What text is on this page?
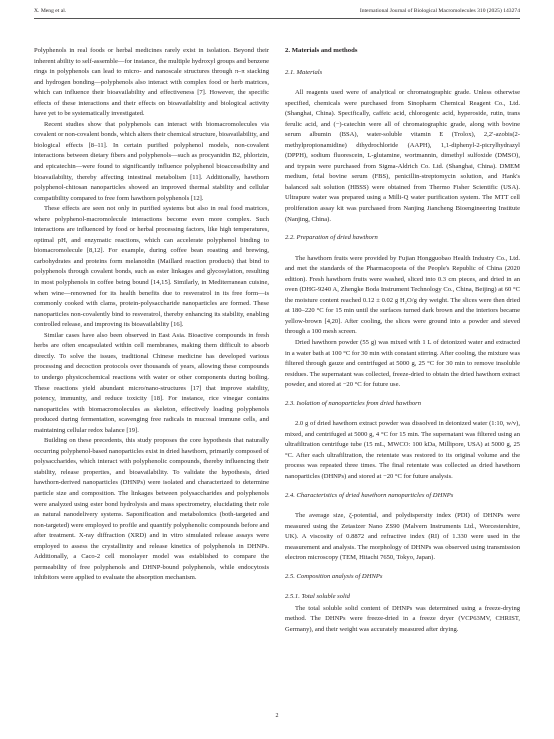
X. Meng et al.	International Journal of Biological Macromolecules 310 (2025) 143274

Polyphenols in real foods or herbal medicines rarely exist in isolation. Beyond their inherent ability to self-assemble—for instance, the multiple hydroxyl groups and benzene rings in polyphenols can lead to micro- and nanoscale structures through π–π stacking and hydrogen bonding—polyphenols also interact with complex food or herb matrices, which can influence their bioavailability and effectiveness [7]. However, the specific effects of these interactions and their effects on bioavailability and biological activity have yet to be systematically investigated.

Recent studies show that polyphenols can interact with biomacromolecules via covalent or non-covalent bonds, which alters their chemical structure, bioavailability, and biological effects [8–11]. In certain purified polyphenol models, non-covalent interactions between dietary fibers and polyphenols—such as procyanidin B2, phlorizin, and epicatechin—were found to significantly influence polyphenol bioaccessibility and bioavailability, thereby affecting intestinal metabolism [11]. Additionally, hawthorn polyphenol-chitosan nanoparticles showed an improved thermal stability and cellular compatibility compared to free form hawthorn polyphenols [12].

These effects are seen not only in purified systems but also in real food matrices, where polyphenol-macromolecule interactions become even more complex. Such interactions are influenced by food or herbal processing factors, like high temperatures, optimal pH, and enzymatic reactions, which can accelerate polyphenol binding to biomacromolecule [8,12]. For example, during coffee bean roasting and brewing, carbohydrates and proteins form melanoidin (Maillard reaction products) that bind to polyphenols through covalent bonds, such as ester linkages and glycosylation, resulting in most polyphenols in coffee being bound [14,15]. Similarly, in Mediterranean cuisine, when wine—renowned for its health benefits due to resveratrol in its free form—is commonly cooked with clams, protein-polysaccharide nanoparticles are formed. These nanoparticles non-covalently bind to resveratrol, thereby enhancing its stability, enabling controlled release, and improving its bioavailability [16].

Similar cases have also been observed in East Asia. Bioactive compounds in fresh herbs are often encapsulated within cell membranes, making them difficult to absorb directly. To solve the issues, traditional Chinese medicine has developed various processing and decoction protocols over thousands of years, allowing these compounds to undergo physicochemical reactions with water or other components during boiling. These reactions yield abundant micro/nano-structures [17] that improve stability, potency, immunity, and reduce toxicity [18]. For instance, rice vinegar contains nanoparticles with biomacromolecules as skeleton, effectively loading polyphenols produced during fermentation, scavenging free radicals in mucosal immune cells, and maintaining cellular redox balance [19].

Building on these precedents, this study proposes the core hypothesis that naturally occurring polyphenol-based nanoparticles exist in dried hawthorn, primarily composed of polysaccharides, which interact with polyphenolic compounds, thereby influencing their stability, release properties, and bioavailability. To validate the hypothesis, dried hawthorn-derived nanoparticles (DHNPs) were isolated and characterized to determine particle size and composition. The linkages between polysaccharides and polyphenols were analyzed using ester bond hydrolysis and mass spectrometry, elucidating their role as natural nanodelivery systems. Saponification and metabolomics (both-targeted and non-targeted) were employed to profile and quantify polyphenolic compounds before and after treatment. X-ray diffraction (XRD) and in vitro simulated release assays were employed to assess the crystallinity and release kinetics of polyphenols in DHNPs. Additionally, a Caco-2 cell monolayer model was established to compare the permeability of free polyphenols and DHNP-bound polyphenols, while endocytosis inhibitors were applied to evaluate the absorption mechanism.

2. Materials and methods
2.1. Materials

All reagents used were of analytical or chromatographic grade. Unless otherwise specified, chemicals were purchased from Sinopharm Chemical Reagent Co., Ltd. (Shanghai, China). Specifically, caffeic acid, chlorogenic acid, hyperoside, rutin, trans ferulic acid, and (−)-catechin were all of chromatographic grade, along with bovine serum albumin (BSA), water-soluble vitamin E (Trolox), 2,2′-azobis(2-methylpropionamidine) dihydrochloride (AAPH), 1,1-diphenyl-2-picrylhydrazyl (DPPH), sodium fluorescein, L-glutamine, wortmannin, dimethyl sulfoxide (DMSO), and trypsin were purchased from Sigma-Aldrich Co. Ltd. (Shanghai, China). DMEM medium, fetal bovine serum (FBS), penicillin-streptomycin solution, and Hank's balanced salt solution (HBSS) were obtained from Thermo Fisher Scientific (USA). Ultrapure water was prepared using a Milli-Q water purification system. The MTT cell proliferation assay kit was purchased from Nanjing Jiancheng Bioengineering Institute (Nanjing, China).

2.2. Preparation of dried hawthorn

The hawthorn fruits were provided by Fujian Hongguobao Health Industry Co., Ltd. and met the standards of the Pharmacopoeia of the People's Republic of China (2020 edition). Fresh hawthorn fruits were washed, sliced into 0.3 cm pieces, and dried in an oven (DHG-9240 A, Zhengke Boda Instrument Technology Co., China, Beijing) at 60 °C the moisture content reached 0.12 ± 0.02 g H₂O/g dry weight. The slices were then dried at 180–220 °C for 15 min until the surfaces turned dark brown and the interiors became yellow-brown [4,20]. After cooling, the slices were ground into a powder and sieved through a 100 mesh screen.

Dried hawthorn powder (55 g) was mixed with 1 L of deionized water and extracted in a water bath at 100 °C for 30 min with constant stirring. After cooling, the mixture was filtered through gauze and centrifuged at 5000 g, 25 °C for 30 min to remove insoluble residues. The supernatant was collected, freeze-dried to obtain the dried hawthorn extract powder, and stored at −20 °C for future use.

2.3. Isolation of nanoparticles from dried hawthorn

2.0 g of dried hawthorn extract powder was dissolved in deionized water (1:10, w/v), mixed, and centrifuged at 5000 g, 4 °C for 15 min. The supernatant was filtered using an ultrafiltration centrifuge tube (15 mL, MWCO: 100 kDa, Millipore, USA) at 5000 g, 25 °C. After each ultrafiltration, the retentate was restored to its original volume and the process was repeated three times. The final retentate was collected as dried hawthorn nanoparticles (DHNPs) and stored at −20 °C for future analysis.

2.4. Characteristics of dried hawthorn nanoparticles of DHNPs

The average size, ζ-potential, and polydispersity index (PDI) of DHNPs were measured using the Zetasizer Nano ZS90 (Malvern Instruments Ltd., Worcestershire, UK). A viscosity of 0.8872 and refractive index (RI) of 1.330 were used in the measurement and analysis. The morphology of DHNPs was observed using transmission electron microscopy (TEM, Hitachi 7650, Tokyo, Japan).

2.5. Composition analysis of DHNPs
2.5.1. Total soluble solid

The total soluble solid content of DHNPs was determined using a freeze-drying method. The DHNPs were freeze-dried in a freeze dryer (VCP63MV, CHRIST, Germany), and their weight was accurately measured after drying.

2
